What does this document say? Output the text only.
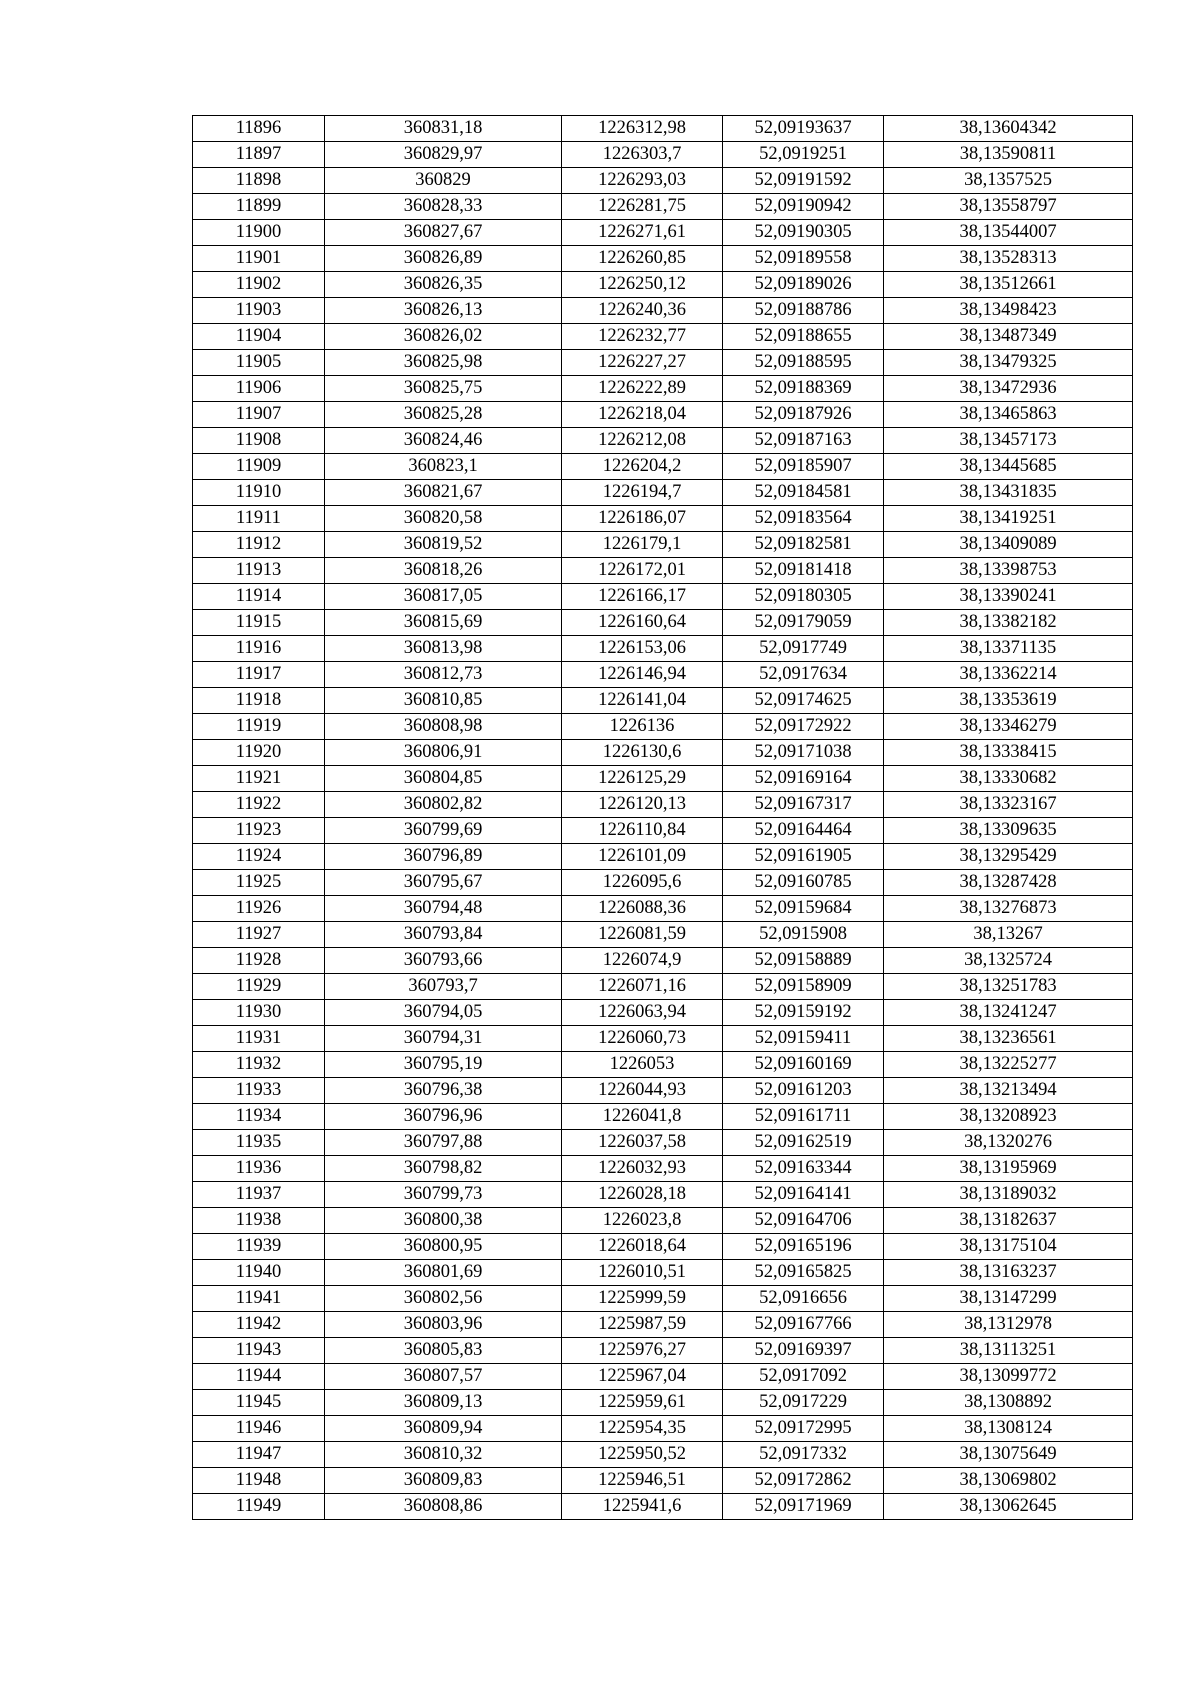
11896	360831,18	1226312,98	52,09193637	38,13604342
11897	360829,97	1226303,7	52,0919251	38,13590811
11898	360829	1226293,03	52,09191592	38,1357525
11899	360828,33	1226281,75	52,09190942	38,13558797
11900	360827,67	1226271,61	52,09190305	38,13544007
11901	360826,89	1226260,85	52,09189558	38,13528313
11902	360826,35	1226250,12	52,09189026	38,13512661
11903	360826,13	1226240,36	52,09188786	38,13498423
11904	360826,02	1226232,77	52,09188655	38,13487349
11905	360825,98	1226227,27	52,09188595	38,13479325
11906	360825,75	1226222,89	52,09188369	38,13472936
11907	360825,28	1226218,04	52,09187926	38,13465863
11908	360824,46	1226212,08	52,09187163	38,13457173
11909	360823,1	1226204,2	52,09185907	38,13445685
11910	360821,67	1226194,7	52,09184581	38,13431835
11911	360820,58	1226186,07	52,09183564	38,13419251
11912	360819,52	1226179,1	52,09182581	38,13409089
11913	360818,26	1226172,01	52,09181418	38,13398753
11914	360817,05	1226166,17	52,09180305	38,13390241
11915	360815,69	1226160,64	52,09179059	38,13382182
11916	360813,98	1226153,06	52,0917749	38,13371135
11917	360812,73	1226146,94	52,0917634	38,13362214
11918	360810,85	1226141,04	52,09174625	38,13353619
11919	360808,98	1226136	52,09172922	38,13346279
11920	360806,91	1226130,6	52,09171038	38,13338415
11921	360804,85	1226125,29	52,09169164	38,13330682
11922	360802,82	1226120,13	52,09167317	38,13323167
11923	360799,69	1226110,84	52,09164464	38,13309635
11924	360796,89	1226101,09	52,09161905	38,13295429
11925	360795,67	1226095,6	52,09160785	38,13287428
11926	360794,48	1226088,36	52,09159684	38,13276873
11927	360793,84	1226081,59	52,0915908	38,13267
11928	360793,66	1226074,9	52,09158889	38,1325724
11929	360793,7	1226071,16	52,09158909	38,13251783
11930	360794,05	1226063,94	52,09159192	38,13241247
11931	360794,31	1226060,73	52,09159411	38,13236561
11932	360795,19	1226053	52,09160169	38,13225277
11933	360796,38	1226044,93	52,09161203	38,13213494
11934	360796,96	1226041,8	52,09161711	38,13208923
11935	360797,88	1226037,58	52,09162519	38,1320276
11936	360798,82	1226032,93	52,09163344	38,13195969
11937	360799,73	1226028,18	52,09164141	38,13189032
11938	360800,38	1226023,8	52,09164706	38,13182637
11939	360800,95	1226018,64	52,09165196	38,13175104
11940	360801,69	1226010,51	52,09165825	38,13163237
11941	360802,56	1225999,59	52,0916656	38,13147299
11942	360803,96	1225987,59	52,09167766	38,1312978
11943	360805,83	1225976,27	52,09169397	38,13113251
11944	360807,57	1225967,04	52,0917092	38,13099772
11945	360809,13	1225959,61	52,0917229	38,1308892
11946	360809,94	1225954,35	52,09172995	38,1308124
11947	360810,32	1225950,52	52,0917332	38,13075649
11948	360809,83	1225946,51	52,09172862	38,13069802
11949	360808,86	1225941,6	52,09171969	38,13062645
